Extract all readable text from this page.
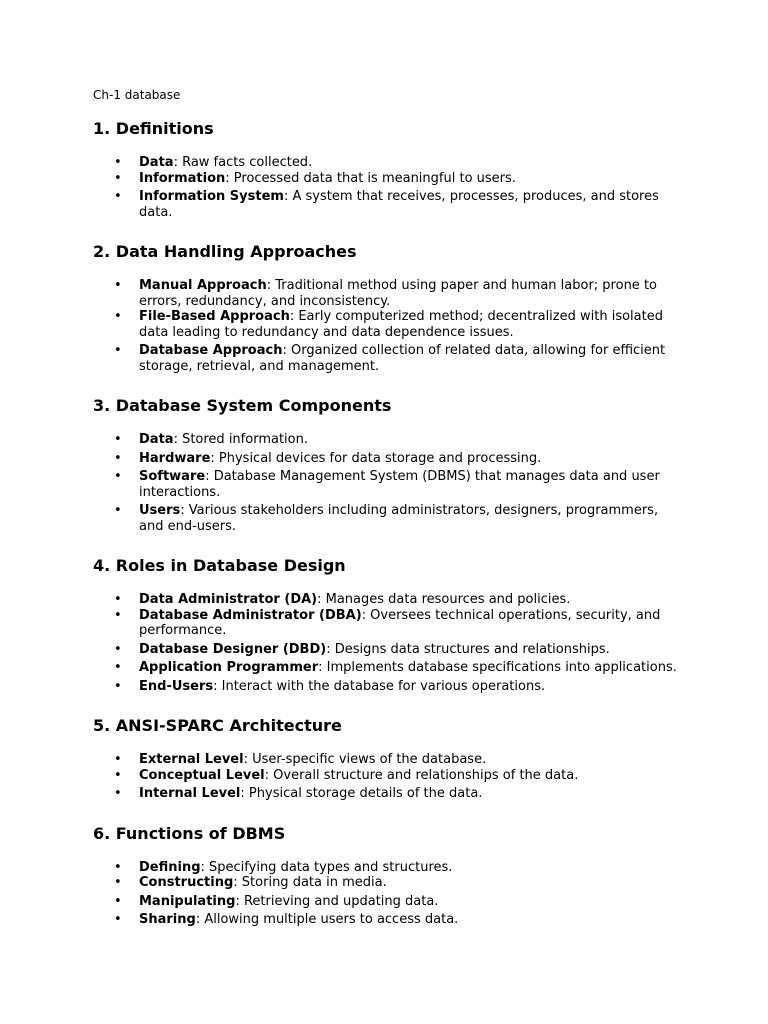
Ch-1 database

1. Definitions
• Data: Raw facts collected.
• Information: Processed data that is meaningful to users.
• Information System: A system that receives, processes, produces, and stores data.
2. Data Handling Approaches
• Manual Approach: Traditional method using paper and human labor; prone to errors, redundancy, and inconsistency.
• File-Based Approach: Early computerized method; decentralized with isolated data leading to redundancy and data dependence issues.
• Database Approach: Organized collection of related data, allowing for efficient storage, retrieval, and management.
3. Database System Components
• Data: Stored information.
• Hardware: Physical devices for data storage and processing.
• Software: Database Management System (DBMS) that manages data and user interactions.
• Users: Various stakeholders including administrators, designers, programmers, and end-users.
4. Roles in Database Design
• Data Administrator (DA): Manages data resources and policies.
• Database Administrator (DBA): Oversees technical operations, security, and performance.
• Database Designer (DBD): Designs data structures and relationships.
• Application Programmer: Implements database specifications into applications.
• End-Users: Interact with the database for various operations.
5. ANSI-SPARC Architecture
• External Level: User-specific views of the database.
• Conceptual Level: Overall structure and relationships of the data.
• Internal Level: Physical storage details of the data.
6. Functions of DBMS
• Defining: Specifying data types and structures.
• Constructing: Storing data in media.
• Manipulating: Retrieving and updating data.
• Sharing: Allowing multiple users to access data.
